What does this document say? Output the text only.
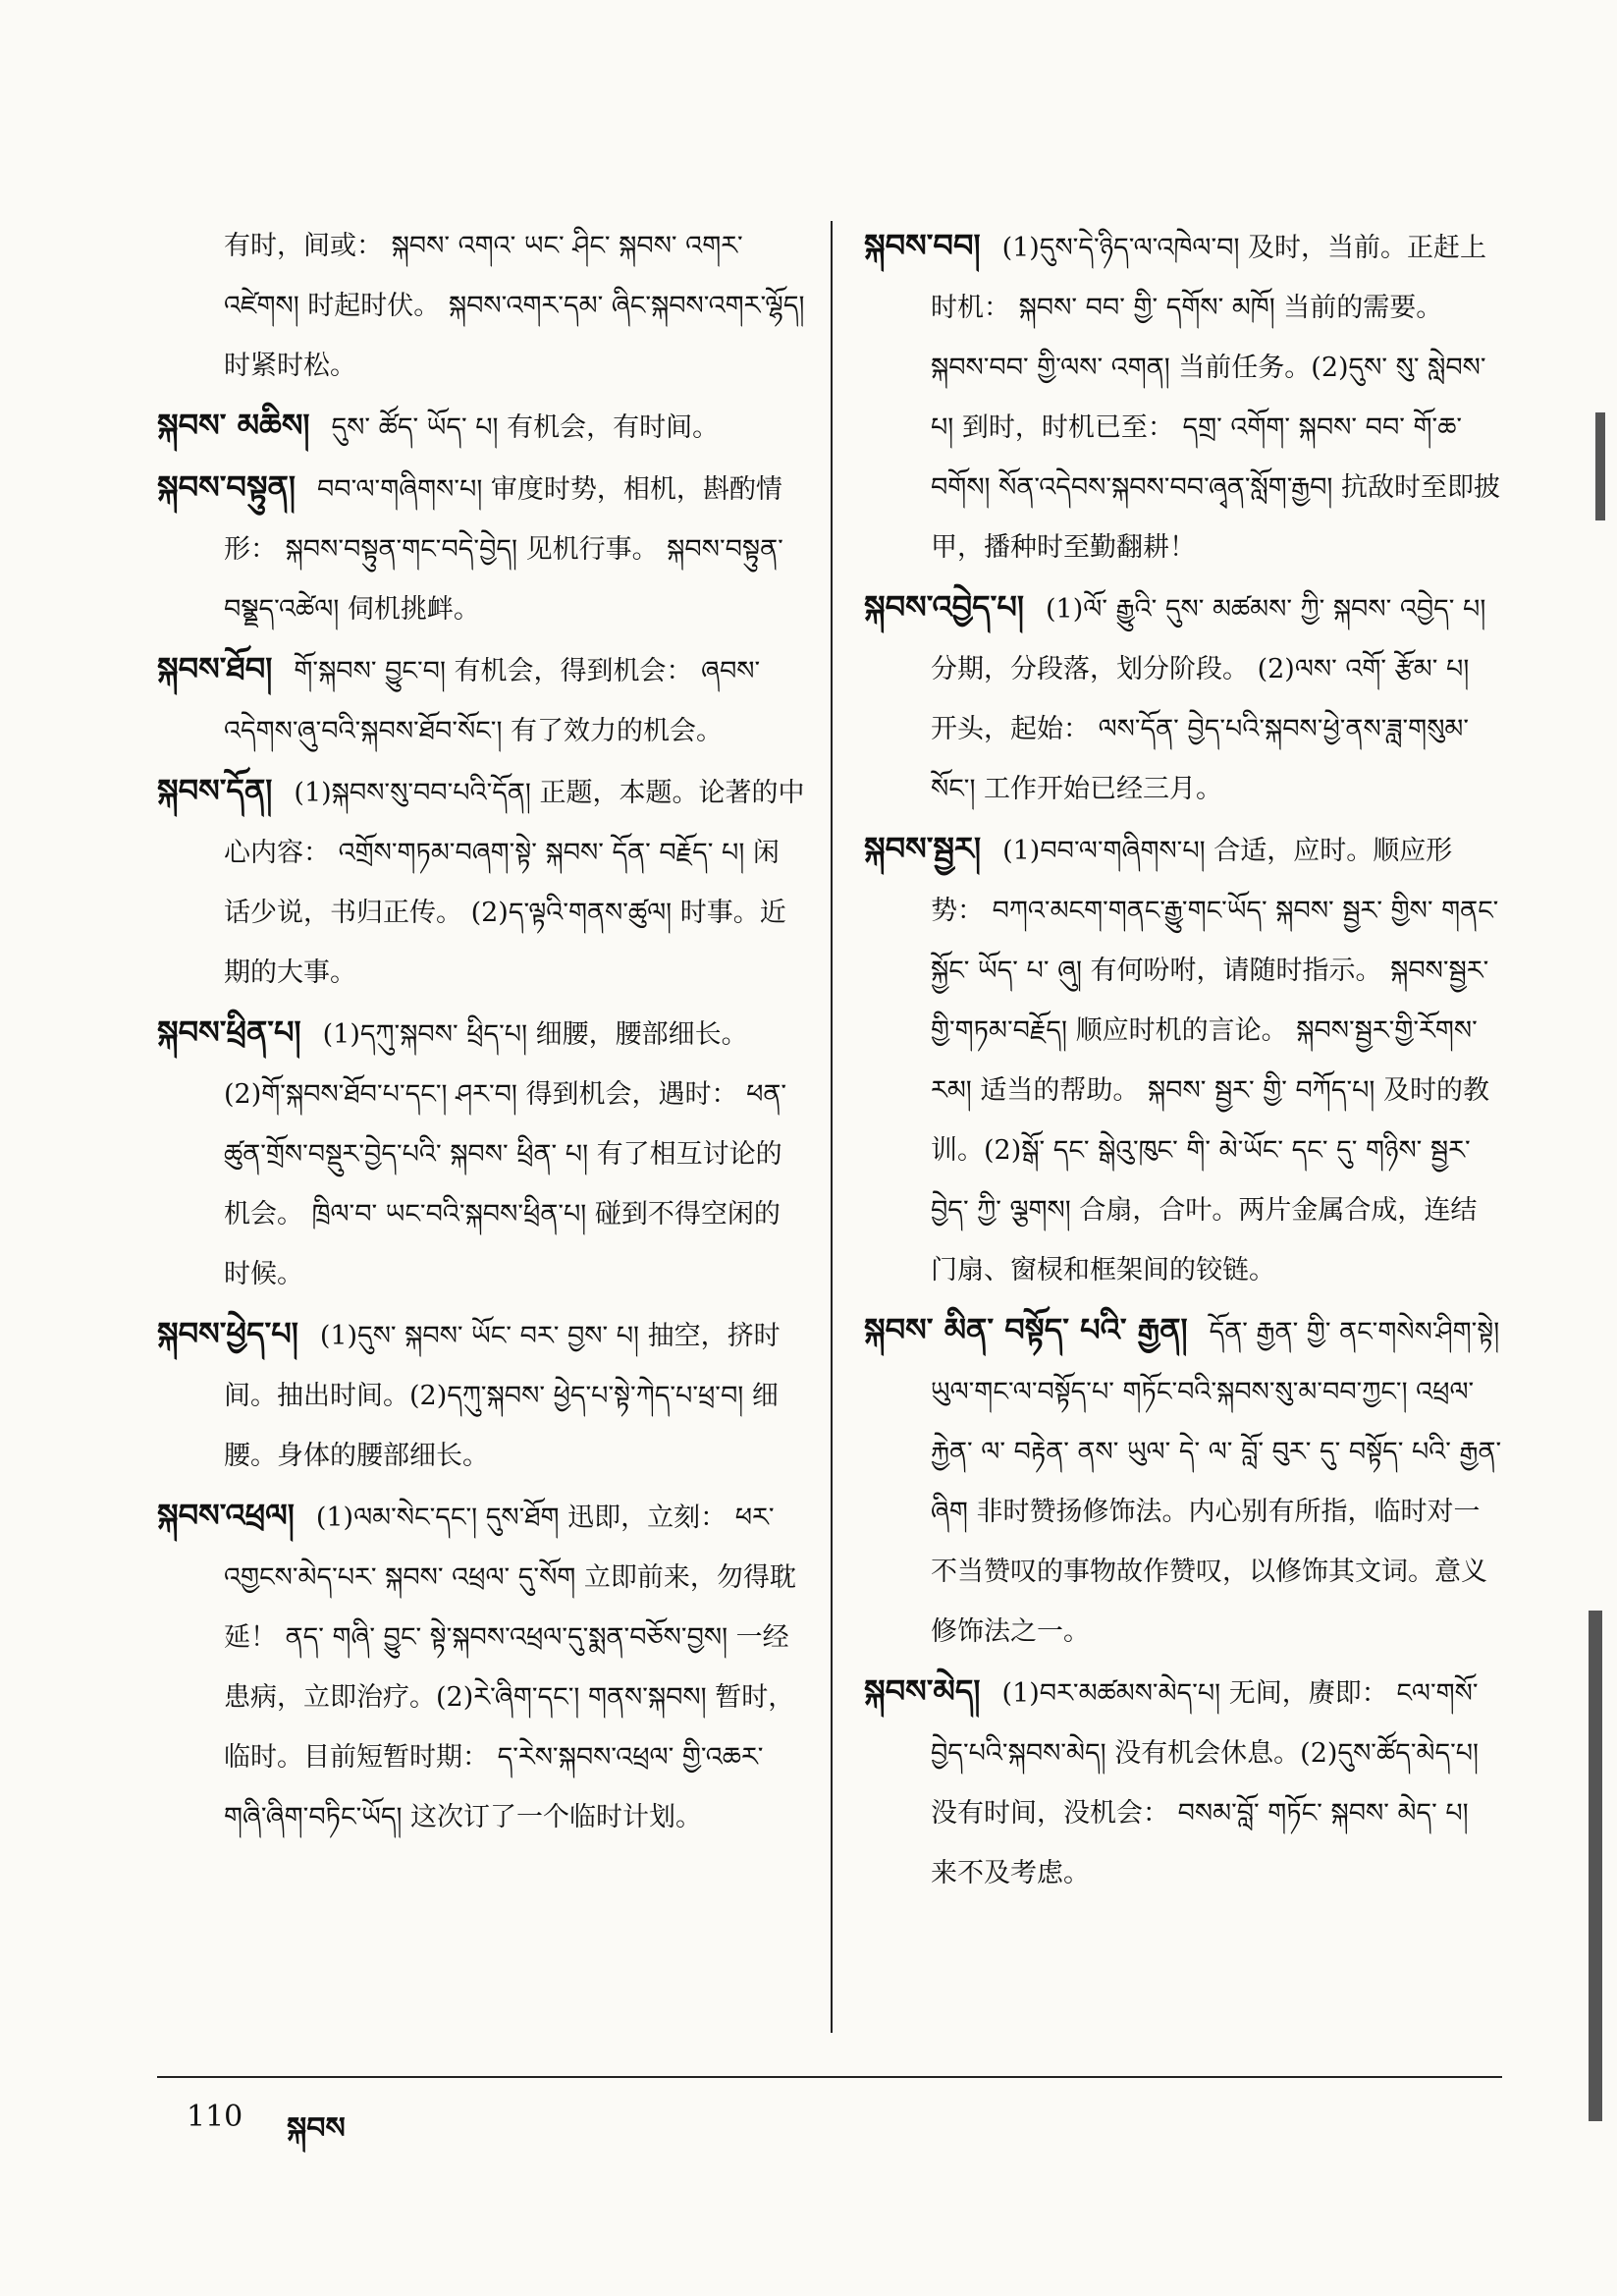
有时，间或： སྐབས་ འགའ་ ཡང་ ཤིང་ སྐབས་ འགར་འཛེགས། 时起时伏。 སྐབས་འགར་དམ་ ཞིང་སྐབས་འགར་ལྷོད། 时紧时松。

སྐབས་ མཆིས། དུས་ ཚོད་ ཡོད་ པ། 有机会，有时间。

སྐབས་བསྟུན། བབ་ལ་གཞིགས་པ། 审度时势，相机，斟酌情形： སྐབས་བསྟུན་གང་བདེ་བྱེད། 见机行事。 སྐབས་བསྟུན་བསྣྡད་འཚེལ། 伺机挑衅。

སྐབས་ཐོབ། གོ་སྐབས་ བྱུང་བ། 有机会，得到机会： ཞབས་འདེགས་ཞུ་བའི་སྐབས་ཐོབ་སོང་། 有了效力的机会。

སྐབས་དོན། (1)སྐབས་སུ་བབ་པའི་དོན། 正题，本题。论著的中心内容： འགྲོས་གཏམ་བཞག་སྟེ་ སྐབས་ དོན་ བརྗོད་ པ། 闲话少说，书归正传。 (2)ད་ལྟའི་གནས་ཚུལ། 时事。近期的大事。

སྐབས་ཕྲིན་པ། (1)དཀུ་སྐབས་ ཕྲིད་པ། 细腰，腰部细长。(2)གོ་སྐབས་ཐོབ་པ་དང་། ཤར་བ། 得到机会，遇时： ཕན་ཚུན་གྲོས་བསྡུར་བྱེད་པའི་ སྐབས་ ཕྲིན་ པ། 有了相互讨论的机会。 ཁྲིལ་བ་ ཡང་བའི་སྐབས་ཕྲིན་པ། 碰到不得空闲的时候。

སྐབས་ཕྱེད་པ། (1)དུས་ སྐབས་ ཡོང་ བར་ བྱས་ པ། 抽空，挤时间。抽出时间。(2)དཀུ་སྐབས་ ཕྱེད་པ་སྟེ་ཀེད་པ་ཕྲ་བ། 细腰。身体的腰部细长。

སྐབས་འཕྲལ། (1)ལམ་སེང་དང་། དུས་ཐོག 迅即，立刻： ཕར་འགྱངས་མེད་པར་ སྐབས་ འཕྲལ་ དུ་སོག 立即前来，勿得耽延！ ནད་ གཞི་ བྱུང་ སྟེ་སྐབས་འཕྲལ་དུ་སྨན་བཅོས་བྱས། 一经患病，立即治疗。(2)རེ་ཞིག་དང་། གནས་སྐབས། 暂时，临时。目前短暂时期： ད་རེས་སྐབས་འཕྲལ་ གྱི་འཆར་གཞི་ཞིག་བཏིང་ཡོད། 这次订了一个临时计划。

སྐབས་བབ། (1)དུས་དེ་ཉིད་ལ་འཁེལ་བ། 及时，当前。正赶上时机： སྐབས་ བབ་ གྱི་ དགོས་ མཁོ། 当前的需要。 སྐབས་བབ་ གྱི་ལས་ འགན། 当前任务。(2)དུས་ སུ་ སླེབས་ པ། 到时，时机已至： དགྲ་ འགོག་ སྐབས་ བབ་ གོ་ཆ་ བགོས། སོན་འདེབས་སྐབས་བབ་ཞྭན་སློག་རྒྱབ། 抗敌时至即披甲，播种时至勤翻耕！

སྐབས་འབྱེད་པ། (1)ལོ་ རྒྱུའི་ དུས་ མཚམས་ ཀྱི་ སྐབས་ འབྱེད་ པ། 分期，分段落，划分阶段。 (2)ལས་ འགོ་ རྩོམ་ པ། 开头，起始： ལས་དོན་ བྱེད་པའི་སྐབས་ཕྱེ་ནས་ཟླ་གསུམ་སོང་། 工作开始已经三月。

སྐབས་སྦྱར། (1)བབ་ལ་གཞིགས་པ། 合适，应时。顺应形势： བཀའ་མངག་གནང་རྒྱུ་གང་ཡོད་ སྐབས་ སྦྱར་ གྱིས་ གནང་ སྐྱོང་ ཡོད་ པ་ ཞུ། 有何吩咐，请随时指示。 སྐབས་སྦྱར་གྱི་གཏམ་བརྗོད། 顺应时机的言论。 སྐབས་སྦྱར་གྱི་རོགས་རམ། 适当的帮助。 སྐབས་ སྦྱར་ གྱི་ བཀོད་པ། 及时的教训。(2)སྒོ་ དང་ སྒེའུ་ཁུང་ གི་ མེ་ཡོང་ དང་ དུ་ གཉིས་ སྦྱར་ བྱེད་ ཀྱི་ ལྕགས། 合扇，合叶。两片金属合成，连结门扇、窗棂和框架间的铰链。

སྐབས་ མིན་ བསྟོད་ པའི་ རྒྱན། དོན་ རྒྱན་ གྱི་ ནང་གསེས་ཤིག་སྟེ། ཡུལ་གང་ལ་བསྟོད་པ་ གཏོང་བའི་སྐབས་སུ་མ་བབ་ཀྱང་། འཕྲལ་རྐྱེན་ ལ་ བརྟེན་ ནས་ ཡུལ་ དེ་ ལ་ བློ་ བུར་ དུ་ བསྟོད་ པའི་ རྒྱན་ཞིག 非时赞扬修饰法。内心别有所指，临时对一不当赞叹的事物故作赞叹，以修饰其文词。意义修饰法之一。

སྐབས་མེད། (1)བར་མཚམས་མེད་པ། 无间，赓即： ངལ་གསོ་བྱེད་པའི་སྐབས་མེད། 没有机会休息。(2)དུས་ཚོད་མེད་པ། 没有时间，没机会： བསམ་བློ་ གཏོང་ སྐབས་ མེད་ པ། 来不及考虑。

110 སྐབས
